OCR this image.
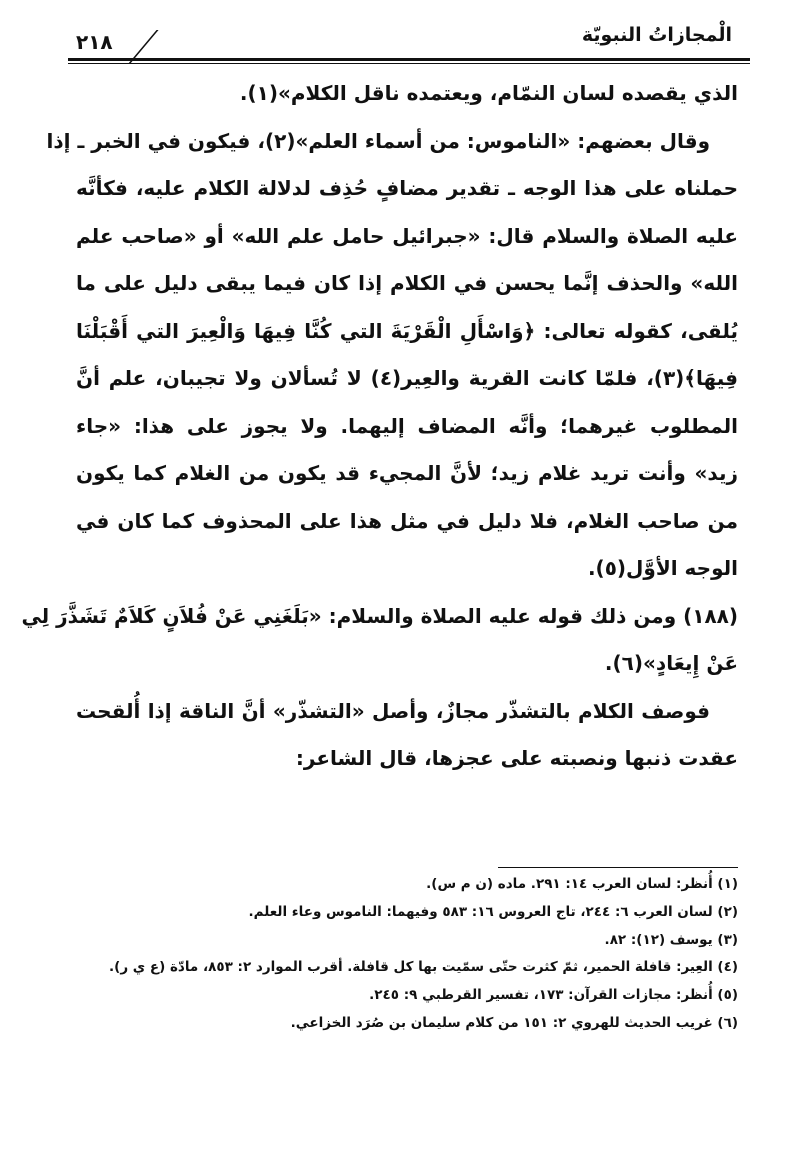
الْمجازاتُ النبويّة
٢١٨
الذي يقصده لسان النمّام، ويعتمده ناقل الكلام»(١).
وقال بعضهم: «الناموس: من أسماء العلم»(٢)، فيكون في الخبر ـ إذا
حملناه على هذا الوجه ـ تقدير مضافٍ حُذِف لدلالة الكلام عليه، فكأنَّه
عليه الصلاة والسلام قال: «جبرائيل حامل علم الله» أو «صاحب علم
الله» والحذف إنَّما يحسن في الكلام إذا كان فيما يبقى دليل على ما
يُلقى، كقوله تعالى: ﴿وَاسْأَلِ الْقَرْيَةَ التي كُنَّا فِيهَا وَالْعِيرَ التي أَقْبَلْنَا
فِيهَا﴾(٣)، فلمّا كانت القرية والعِير(٤) لا تُسألان ولا تجيبان، علم أنَّ
المطلوب غيرهما؛ وأنَّه المضاف إليهما. ولا يجوز على هذا: «جاء
زيد» وأنت تريد غلام زيد؛ لأنَّ المجيء قد يكون من الغلام كما يكون
من صاحب الغلام، فلا دليل في مثل هذا على المحذوف كما كان في
الوجه الأوَّل(٥).
(١٨٨) ومن ذلك قوله عليه الصلاة والسلام: «بَلَغَنِي عَنْ فُلاَنٍ كَلاَمٌ تَشَذَّرَ لِي
عَنْ إِيعَادٍ»(٦).
فوصف الكلام بالتشذّر مجازٌ، وأصل «التشذّر» أنَّ الناقة إذا أُلقحت
عقدت ذنبها ونصبته على عجزها، قال الشاعر:
(١) أُنظر: لسان العرب ١٤: ٢٩١. ماده (ن م س).
(٢) لسان العرب ٦: ٢٤٤، تاج العروس ١٦: ٥٨٣ وفيهما: الناموس وعاء العلم.
(٣) يوسف (١٢): ٨٢.
(٤) العِير: قافلة الحمير، ثمّ كثرت حتّى سمّيت بها كل قافلة. أقرب الموارد ٢: ٨٥٣، مادّة (ع ي ر).
(٥) أُنظر: مجازات القرآن: ١٧٣، تفسير القرطبي ٩: ٢٤٥.
(٦) غريب الحديث للهروي ٢: ١٥١ من كلام سليمان بن صُرَد الخزاعي.
